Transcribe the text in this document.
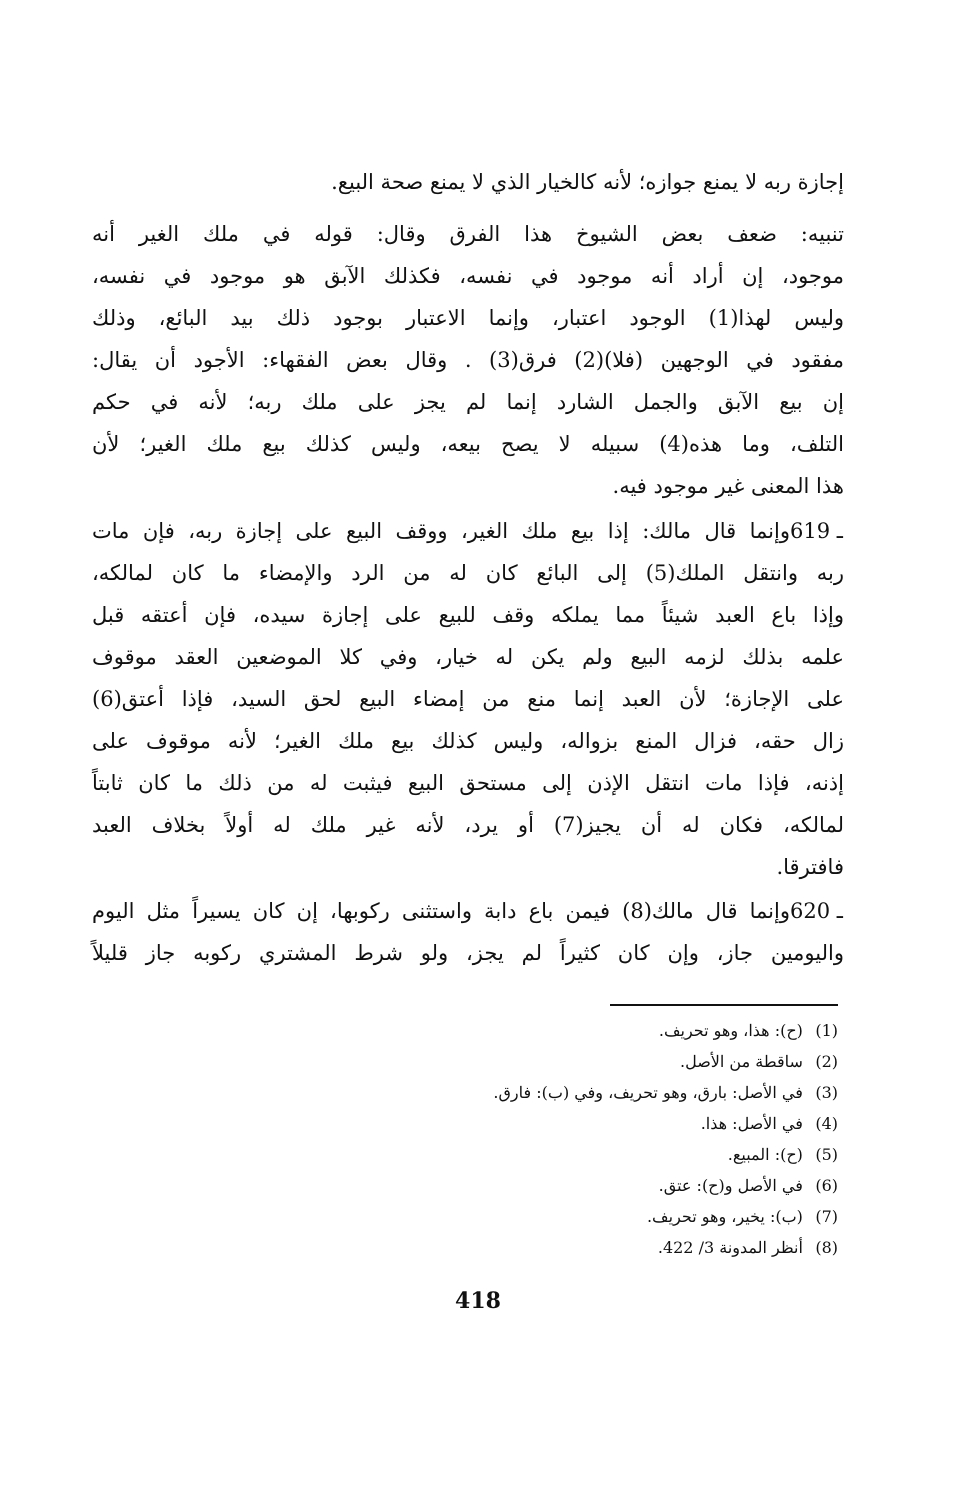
إجازة ربه لا يمنع جوازه؛ لأنه كالخيار الذي لا يمنع صحة البيع.
تنبيه: ضعف بعض الشيوخ هذا الفرق وقال: قوله في ملك الغير أنه
موجود، إن أراد أنه موجود في نفسه، فكذلك الآبق هو موجود في نفسه،
وليس لهذا(1) الوجود اعتبار، وإنما الاعتبار بوجود ذلك بيد البائع، وذلك
مفقود في الوجهين (فلا)(2) فرق(3) . وقال بعض الفقهاء: الأجود أن يقال:
إن بيع الآبق والجمل الشارد إنما لم يجز على ملك ربه؛ لأنه في حكم
التلف، وما هذه(4) سبيله لا يصح بيعه، وليس كذلك بيع ملك الغير؛ لأن
هذا المعنى غير موجود فيه.
619 ـ
وإنما قال مالك: إذا بيع ملك الغير، ووقف البيع على إجازة ربه، فإن مات
ربه وانتقل الملك(5) إلى البائع كان له من الرد والإمضاء ما كان لمالكه،
وإذا باع العبد شيئاً مما يملكه وقف للبيع على إجازة سيده، فإن أعتقه قبل
علمه بذلك لزمه البيع ولم يكن له خيار، وفي كلا الموضعين العقد موقوف
على الإجازة؛ لأن العبد إنما منع من إمضاء البيع لحق السيد، فإذا أعتق(6)
زال حقه، فزال المنع بزواله، وليس كذلك بيع ملك الغير؛ لأنه موقوف على
إذنه، فإذا مات انتقل الإذن إلى مستحق البيع فيثبت له من ذلك ما كان ثابتاً
لمالكه، فكان له أن يجيز(7) أو يرد، لأنه غير ملك له أولاً بخلاف العبد
فافترقا.
620 ـ
وإنما قال مالك(8) فيمن باع دابة واستثنى ركوبها، إن كان يسيراً مثل اليوم
واليومين جاز، وإن كان كثيراً لم يجز، ولو شرط المشتري ركوبه جاز قليلاً
(1) (ح): هذا، وهو تحريف.
(2) ساقطة من الأصل.
(3) في الأصل: بارق، وهو تحريف، وفي (ب): فارق.
(4) في الأصل: هذا.
(5) (ح): المبيع.
(6) في الأصل و(ح): عتق.
(7) (ب): يخير، وهو تحريف.
(8) أنظر المدونة 3/ 422.
418
